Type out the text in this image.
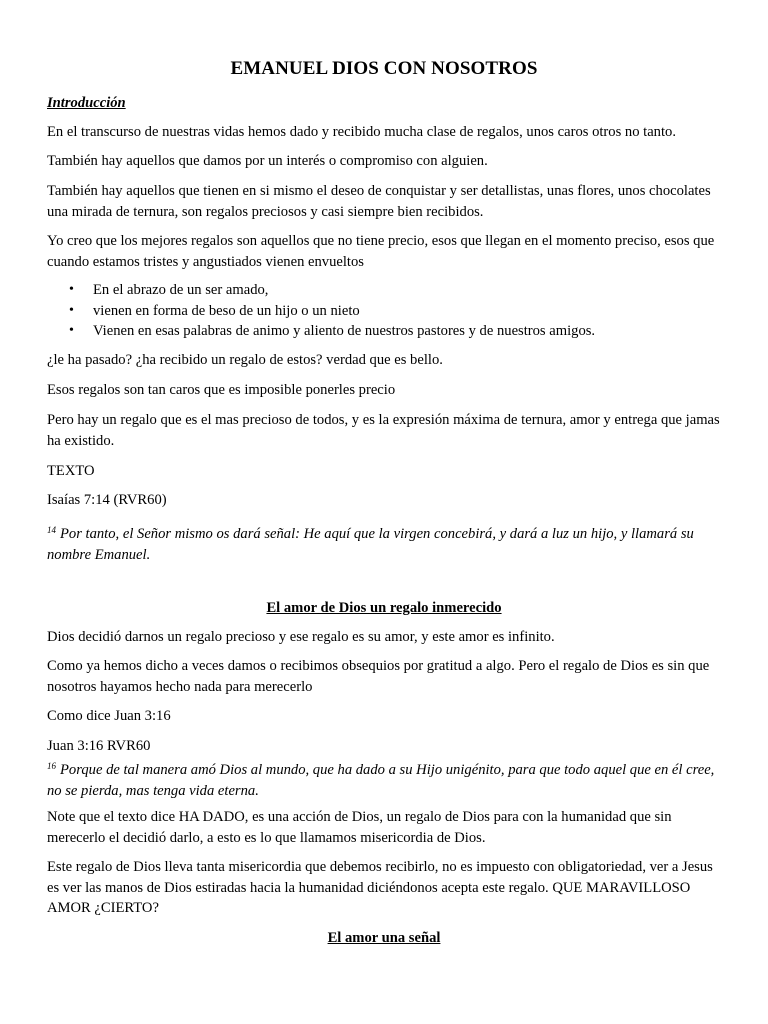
EMANUEL DIOS CON NOSOTROS

Introducción

En el transcurso de nuestras vidas hemos dado y recibido mucha clase de regalos, unos caros otros no tanto.

También hay aquellos que damos por un interés o compromiso con alguien.

También hay aquellos que tienen en si mismo el deseo de conquistar y ser detallistas, unas flores, unos chocolates una mirada de ternura, son regalos preciosos y casi siempre bien recibidos.

Yo creo que los mejores regalos son aquellos que no tiene precio, esos que llegan en el momento preciso, esos que cuando estamos tristes y angustiados vienen envueltos

• En el abrazo de un ser amado,
• vienen en forma de beso de un hijo o un nieto
• Vienen en esas palabras de animo y aliento de nuestros pastores y de nuestros amigos.

¿le ha pasado? ¿ha recibido un regalo de estos? verdad que es bello.

Esos regalos son tan caros que es imposible ponerles precio

Pero hay un regalo que es el mas precioso de todos, y es la expresión máxima de ternura, amor y entrega que jamas ha existido.

TEXTO

Isaías 7:14 (RVR60)

$^{14}$ Por tanto, el Señor mismo os dará señal: He aquí que la virgen concebirá, y dará a luz un hijo, y llamará su nombre Emanuel.

El amor de Dios un regalo inmerecido

Dios decidió darnos un regalo precioso y ese regalo es su amor, y este amor es infinito.

Como ya hemos dicho a veces damos o recibimos obsequios por gratitud a algo. Pero el regalo de Dios es sin que nosotros hayamos hecho nada para merecerlo

Como dice Juan 3:16

Juan 3:16 RVR60

$^{16}$ Porque de tal manera amó Dios al mundo, que ha dado a su Hijo unigénito, para que todo aquel que en él cree, no se pierda, mas tenga vida eterna.

Note que el texto dice HA DADO, es una acción de Dios, un regalo de Dios para con la humanidad que sin merecerlo el decidió darlo, a esto es lo que llamamos misericordia de Dios.

Este regalo de Dios lleva tanta misericordia que debemos recibirlo, no es impuesto con obligatoriedad, ver a Jesus es ver las manos de Dios estiradas hacia la humanidad diciéndonos acepta este regalo. QUE MARAVILLOSO AMOR ¿CIERTO?

El amor una señal
